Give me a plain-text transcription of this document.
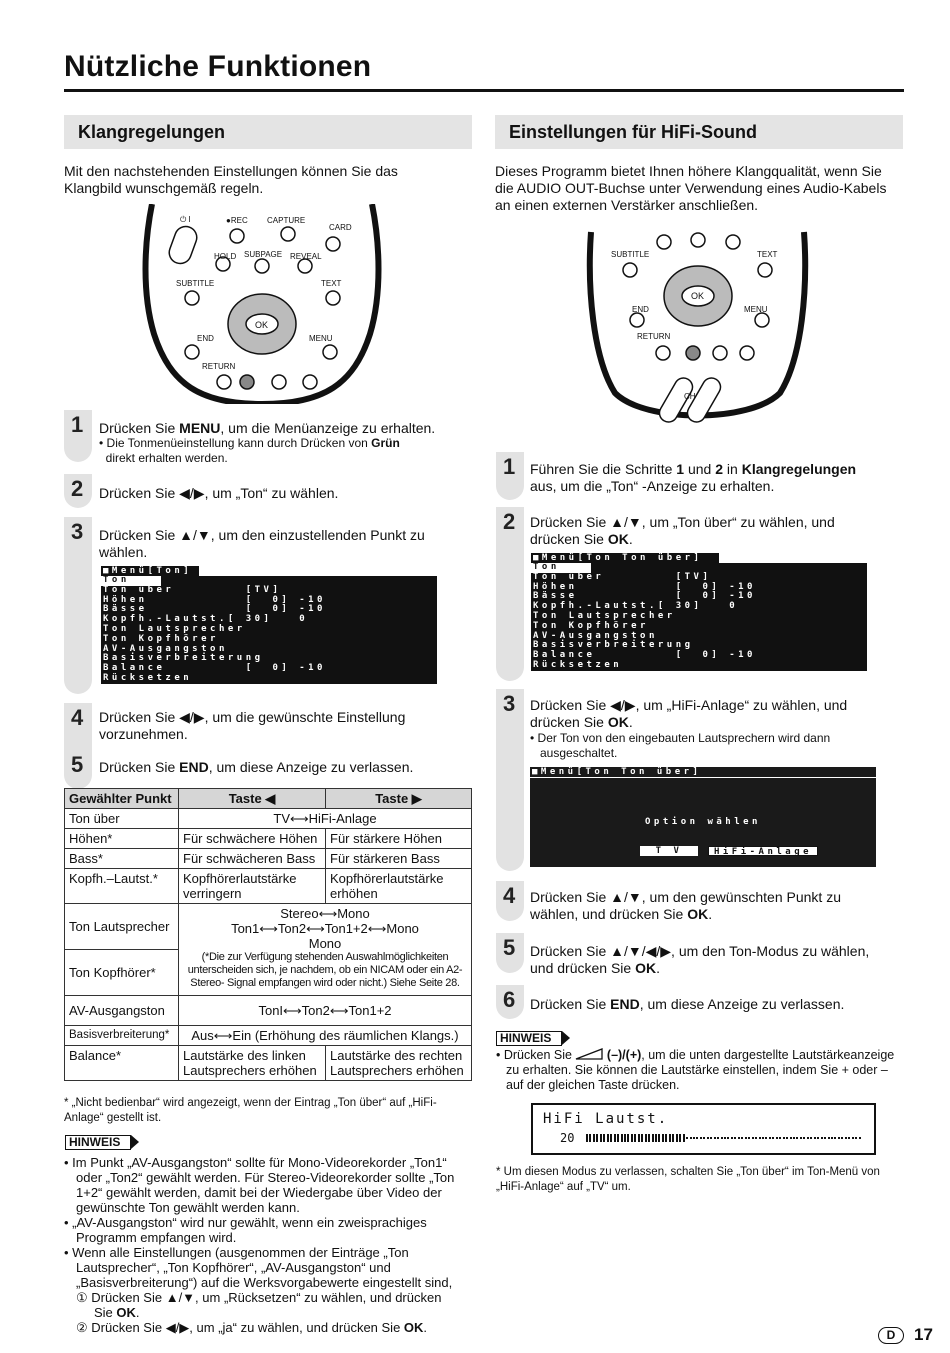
Nützliche Funktionen
Klangregelungen
Mit den nachstehenden Einstellungen können Sie das Klangbild wunschgemäß regeln.
⏻ I	●REC CAPTURE
CARD
HOLD SUBPAGE REVEAL
SUBTITLE	TEXT
OK
END	MENU
RETURN
1 Drücken Sie MENU, um die Menüanzeige zu erhalten.
• Die Tonmenüeinstellung kann durch Drücken von Grün
direkt erhalten werden.
2 Drücken Sie ◀/▶, um „Ton“ zu wählen.
3 Drücken Sie ▲/▼, um den einzustellenden Punkt zu
wählen.
■Menü[Ton]
Ton
Ton über        [TV]
Höhen           [  0] -10
Bässe           [  0] -10
Kopfh.-Lautst.[ 30]   0
Ton Lautsprecher
Ton Kopfhörer
AV-Ausgangston
Basisverbreiterung
Balance         [  0] -10
Rücksetzen
4 Drücken Sie ◀/▶, um die gewünschte Einstellung
vorzunehmen.
5 Drücken Sie END, um diese Anzeige zu verlassen.
Gewählter Punkt	Taste ◀	Taste ▶
Ton über	TV⟷HiFi-Anlage	
Höhen*	Für schwächere Höhen	Für stärkere Höhen
Bass*	Für schwächeren Bass	Für stärkeren Bass
Kopfh.–Lautst.*	Kopfhörerlautstärke verringern	Kopfhörerlautstärke erhöhen
Ton Lautsprecher	Stereo⟷Mono
Ton1⟷Ton2⟷Ton1+2⟷Mono
Mono
(*Die zur Verfügung stehenden Auswahlmöglichkeiten unterscheiden sich, je nachdem, ob ein NICAM oder ein A2-Stereo- Signal empfangen wird oder nicht.) Siehe Seite 28.	

Ton Kopfhörer*		
AV-Ausgangston	TonI⟷Ton2⟷Ton1+2	
Basisverbreiterung*	Aus⟷Ein (Erhöhung des räumlichen Klangs.)	
Balance*	Lautstärke des linken Lautsprechers erhöhen	Lautstärke des rechten Lautsprechers erhöhen
* „Nicht bedienbar“ wird angezeigt, wenn der Eintrag „Ton über“ auf „HiFi-Anlage“ gestellt ist.
HINWEIS
• Im Punkt „AV-Ausgangston“ sollte für Mono-Videorekorder „Ton1“ oder „Ton2“ gewählt werden. Für Stereo-Videorekorder sollte „Ton 1+2“ gewählt werden, damit bei der Wiedergabe über Video der gewünschte Ton gewählt werden kann.
• „AV-Ausgangston“ wird nur gewählt, wenn ein zweisprachiges Programm empfangen wird.
• Wenn alle Einstellungen (ausgenommen der Einträge „Ton Lautsprecher“, „Ton Kopfhörer“, „AV-Ausgangston“ und „Basisverbreiterung“) auf die Werksvorgabewerte eingestellt sind,
① Drücken Sie ▲/▼, um „Rücksetzen“ zu wählen, und drücken
Sie OK.
② Drücken Sie ◀/▶, um „ja“ zu wählen, und drücken Sie OK.
Einstellungen für HiFi-Sound
Dieses Programm bietet Ihnen höhere Klangqualität, wenn Sie die AUDIO OUT-Buchse unter Verwendung eines Audio-Kabels an einen externen Verstärker anschließen.
SUBTITLE	TEXT
OK
END	MENU
RETURN
CH
1 Führen Sie die Schritte 1 und 2 in Klangregelungen
aus, um die „Ton“ -Anzeige zu erhalten.
2 Drücken Sie ▲/▼, um „Ton über“ zu wählen, und
drücken Sie OK.
■Menü[Ton Ton über]
Ton
Ton über        [TV]
Höhen           [  0] -10
Bässe           [  0] -10
Kopfh.-Lautst.[ 30]   0
Ton Lautsprecher
Ton Kopfhörer
AV-Ausgangston
Basisverbreiterung
Balance         [  0] -10
Rücksetzen
3 Drücken Sie ◀/▶, um „HiFi-Anlage“ zu wählen, und
drücken Sie OK.
• Der Ton von den eingebauten Lautsprechern wird dann ausgeschaltet.
■Menü[Ton Ton über]
Option wählen
T V	HiFi-Anlage
4 Drücken Sie ▲/▼, um den gewünschten Punkt zu
wählen, und drücken Sie OK.
5 Drücken Sie ▲/▼/◀/▶, um den Ton-Modus zu wählen,
und drücken Sie OK.
6 Drücken Sie END, um diese Anzeige zu verlassen.
HINWEIS
• Drücken Sie	(–)/(+), um die unten dargestellte Lautstärkeanzeige zu erhalten. Sie können die Lautstärke einstellen, indem Sie + oder – auf der gleichen Taste drücken.
HiFi Lautst.
20
* Um diesen Modus zu verlassen, schalten Sie „Ton über“ im Ton-Menü von „HiFi-Anlage“ auf „TV“ um.
D	17
